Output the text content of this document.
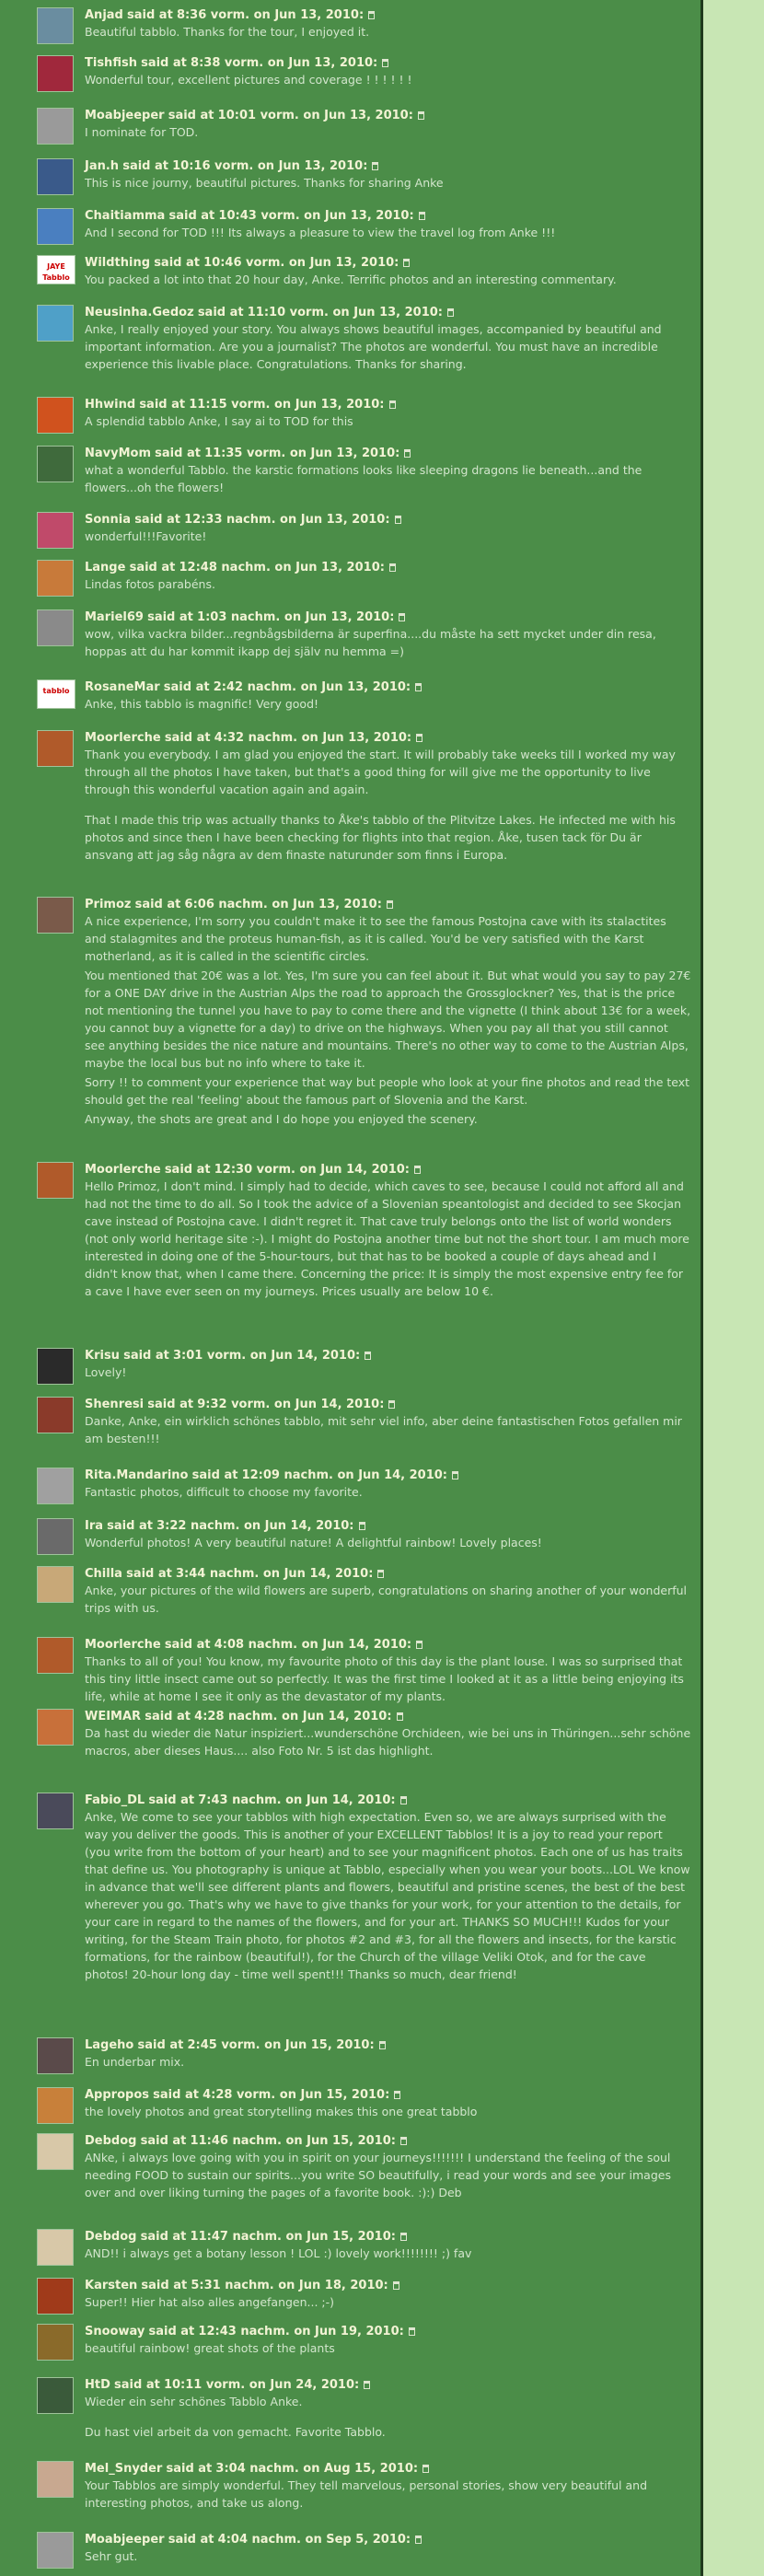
Anjad said at 8:36 vorm. on Jun 13, 2010:

Beautiful tabblo. Thanks for the tour, I enjoyed it.

Tishfish said at 8:38 vorm. on Jun 13, 2010:

Wonderful tour, excellent pictures and coverage ! ! ! ! ! !

Moabjeeper said at 10:01 vorm. on Jun 13, 2010:

I nominate for TOD.

Jan.h said at 10:16 vorm. on Jun 13, 2010:

This is nice journy, beautiful pictures. Thanks for sharing Anke

Chaitiamma said at 10:43 vorm. on Jun 13, 2010:

And I second for TOD !!! Its always a pleasure to view the travel log from Anke !!!

JAYE Tabblo
Wildthing said at 10:46 vorm. on Jun 13, 2010:

You packed a lot into that 20 hour day, Anke. Terrific photos and an interesting commentary.

Neusinha.Gedoz said at 11:10 vorm. on Jun 13, 2010:

Anke, I really enjoyed your story. You always shows beautiful images, accompanied by beautiful and important information. Are you a journalist? The photos are wonderful. You must have an incredible experience this livable place. Congratulations. Thanks for sharing.

Hhwind said at 11:15 vorm. on Jun 13, 2010:

A splendid tabblo Anke, I say ai to TOD for this

NavyMom said at 11:35 vorm. on Jun 13, 2010:

what a wonderful Tabblo. the karstic formations looks like sleeping dragons lie beneath...and the flowers...oh the flowers!

Sonnia said at 12:33 nachm. on Jun 13, 2010:

wonderful!!!Favorite!

Lange said at 12:48 nachm. on Jun 13, 2010:

Lindas fotos parabéns.

Mariel69 said at 1:03 nachm. on Jun 13, 2010:

wow, vilka vackra bilder...regnbågsbilderna är superfina....du måste ha sett mycket under din resa, hoppas att du har kommit ikapp dej själv nu hemma =)

tabblo	RosaneMar said at 2:42 nachm. on Jun 13, 2010:

Anke, this tabblo is magnific! Very good!

Moorlerche said at 4:32 nachm. on Jun 13, 2010:

Thank you everybody. I am glad you enjoyed the start. It will probably take weeks till I worked my way through all the photos I have taken, but that's a good thing for will give me the opportunity to live through this wonderful vacation again and again.

That I made this trip was actually thanks to Åke's tabblo of the Plitvitze Lakes. He infected me with his photos and since then I have been checking for flights into that region. Åke, tusen tack för Du är ansvang att jag såg några av dem finaste naturunder som finns i Europa.

Primoz said at 6:06 nachm. on Jun 13, 2010:

A nice experience, I'm sorry you couldn't make it to see the famous Postojna cave with its stalactites and stalagmites and the proteus human-fish, as it is called. You'd be very satisfied with the Karst motherland, as it is called in the scientific circles.

You mentioned that 20€ was a lot. Yes, I'm sure you can feel about it. But what would you say to pay 27€ for a ONE DAY drive in the Austrian Alps the road to approach the Grossglockner? Yes, that is the price not mentioning the tunnel you have to pay to come there and the vignette (I think about 13€ for a week, you cannot buy a vignette for a day) to drive on the highways. When you pay all that you still cannot see anything besides the nice nature and mountains. There's no other way to come to the Austrian Alps, maybe the local bus but no info where to take it.

Sorry !! to comment your experience that way but people who look at your fine photos and read the text should get the real 'feeling' about the famous part of Slovenia and the Karst.

Anyway, the shots are great and I do hope you enjoyed the scenery.

Moorlerche said at 12:30 vorm. on Jun 14, 2010:

Hello Primoz, I don't mind. I simply had to decide, which caves to see, because I could not afford all and had not the time to do all. So I took the advice of a Slovenian speantologist and decided to see Skocjan cave instead of Postojna cave. I didn't regret it. That cave truly belongs onto the list of world wonders (not only world heritage site :-). I might do Postojna another time but not the short tour. I am much more interested in doing one of the 5-hour-tours, but that has to be booked a couple of days ahead and I didn't know that, when I came there. Concerning the price: It is simply the most expensive entry fee for a cave I have ever seen on my journeys. Prices usually are below 10 €.

Krisu said at 3:01 vorm. on Jun 14, 2010:

Lovely!

Shenresi said at 9:32 vorm. on Jun 14, 2010:

Danke, Anke, ein wirklich schönes tabblo, mit sehr viel info, aber deine fantastischen Fotos gefallen mir am besten!!!

Rita.Mandarino said at 12:09 nachm. on Jun 14, 2010:

Fantastic photos, difficult to choose my favorite.

Ira said at 3:22 nachm. on Jun 14, 2010:

Wonderful photos! A very beautiful nature! A delightful rainbow! Lovely places!

Chilla said at 3:44 nachm. on Jun 14, 2010:

Anke, your pictures of the wild flowers are superb, congratulations on sharing another of your wonderful trips with us.

Moorlerche said at 4:08 nachm. on Jun 14, 2010:

Thanks to all of you! You know, my favourite photo of this day is the plant louse. I was so surprised that this tiny little insect came out so perfectly. It was the first time I looked at it as a little being enjoying its life, while at home I see it only as the devastator of my plants.

WEIMAR said at 4:28 nachm. on Jun 14, 2010:

Da hast du wieder die Natur inspiziert...wunderschöne Orchideen, wie bei uns in Thüringen...sehr schöne macros, aber dieses Haus.... also Foto Nr. 5 ist das highlight.

Fabio_DL said at 7:43 nachm. on Jun 14, 2010:

Anke, We come to see your tabblos with high expectation. Even so, we are always surprised with the way you deliver the goods. This is another of your EXCELLENT Tabblos! It is a joy to read your report (you write from the bottom of your heart) and to see your magnificent photos. Each one of us has traits that define us. You photography is unique at Tabblo, especially when you wear your boots...LOL We know in advance that we'll see different plants and flowers, beautiful and pristine scenes, the best of the best wherever you go. That's why we have to give thanks for your work, for your attention to the details, for your care in regard to the names of the flowers, and for your art. THANKS SO MUCH!!! Kudos for your writing, for the Steam Train photo, for photos #2 and #3, for all the flowers and insects, for the karstic formations, for the rainbow (beautiful!), for the Church of the village Veliki Otok, and for the cave photos! 20-hour long day - time well spent!!! Thanks so much, dear friend!

Lageho said at 2:45 vorm. on Jun 15, 2010:

En underbar mix.

Appropos said at 4:28 vorm. on Jun 15, 2010:

the lovely photos and great storytelling makes this one great tabblo

Debdog said at 11:46 nachm. on Jun 15, 2010:

ANke, i always love going with you in spirit on your journeys!!!!!!! I understand the feeling of the soul needing FOOD to sustain our spirits...you write SO beautifully, i read your words and see your images over and over liking turning the pages of a favorite book. :):) Deb

Debdog said at 11:47 nachm. on Jun 15, 2010:

AND!! i always get a botany lesson ! LOL :) lovely work!!!!!!!! ;) fav

Karsten said at 5:31 nachm. on Jun 18, 2010:

Super!! Hier hat also alles angefangen... ;-)

Snooway said at 12:43 nachm. on Jun 19, 2010:

beautiful rainbow! great shots of the plants

HtD said at 10:11 vorm. on Jun 24, 2010:

Wieder ein sehr schönes Tabblo Anke.

Du hast viel arbeit da von gemacht. Favorite Tabblo.

Mel_Snyder said at 3:04 nachm. on Aug 15, 2010:

Your Tabblos are simply wonderful. They tell marvelous, personal stories, show very beautiful and interesting photos, and take us along.

Moabjeeper said at 4:04 nachm. on Sep 5, 2010:

Sehr gut.
